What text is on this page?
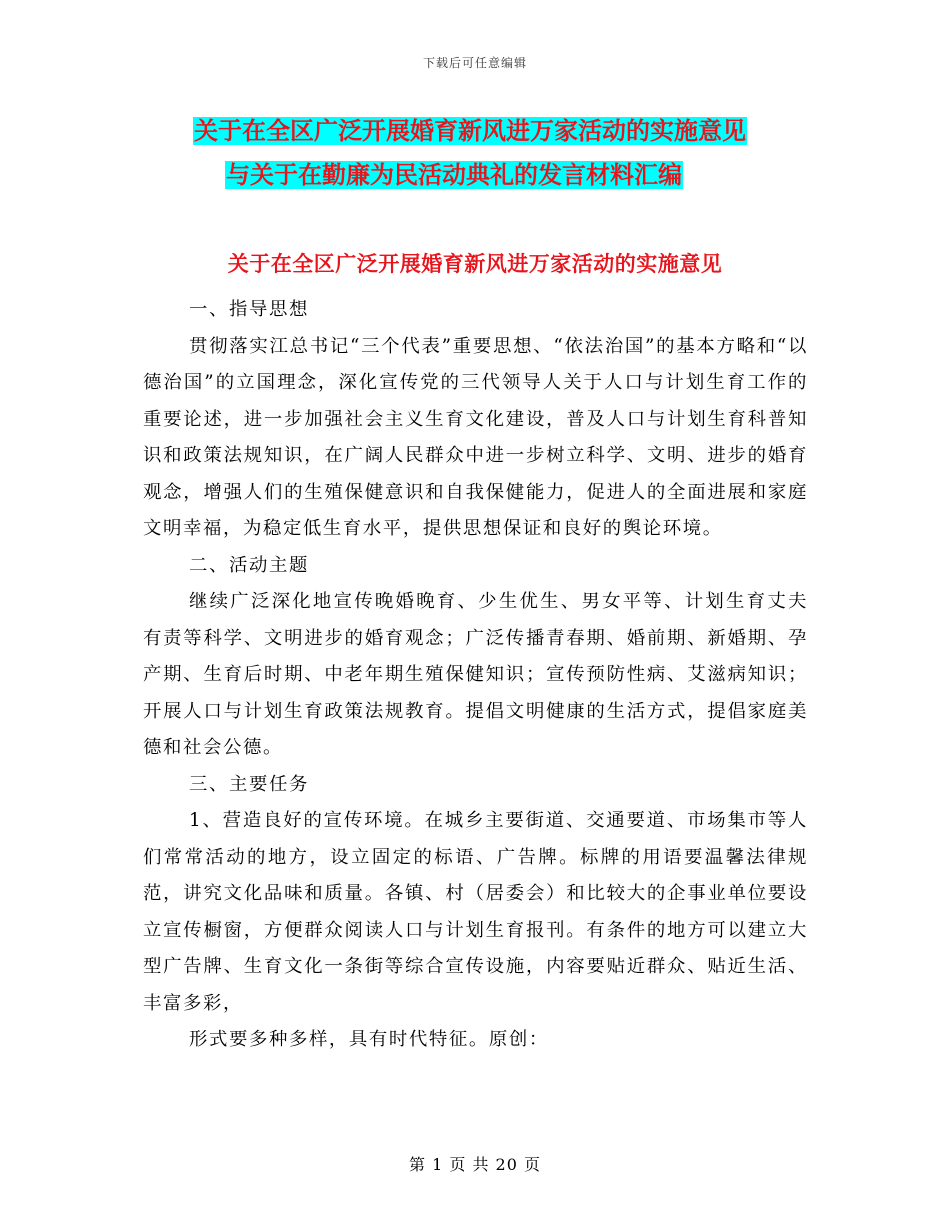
下载后可任意编辑
关于在全区广泛开展婚育新风进万家活动的实施意见
与关于在勤廉为民活动典礼的发言材料汇编
关于在全区广泛开展婚育新风进万家活动的实施意见

一、指导思想

贯彻落实江总书记“三个代表”重要思想、“依法治国”的基本方略和“以德治国”的立国理念，深化宣传党的三代领导人关于人口与计划生育工作的重要论述，进一步加强社会主义生育文化建设，普及人口与计划生育科普知识和政策法规知识，在广阔人民群众中进一步树立科学、文明、进步的婚育观念，增强人们的生殖保健意识和自我保健能力，促进人的全面进展和家庭文明幸福，为稳定低生育水平，提供思想保证和良好的舆论环境。

二、活动主题

继续广泛深化地宣传晚婚晚育、少生优生、男女平等、计划生育丈夫有责等科学、文明进步的婚育观念；广泛传播青春期、婚前期、新婚期、孕产期、生育后时期、中老年期生殖保健知识；宣传预防性病、艾滋病知识；开展人口与计划生育政策法规教育。提倡文明健康的生活方式，提倡家庭美德和社会公德。

三、主要任务

1、营造良好的宣传环境。在城乡主要街道、交通要道、市场集市等人们常常活动的地方，设立固定的标语、广告牌。标牌的用语要温馨法律规范，讲究文化品味和质量。各镇、村（居委会）和比较大的企事业单位要设立宣传橱窗，方便群众阅读人口与计划生育报刊。有条件的地方可以建立大型广告牌、生育文化一条街等综合宣传设施，内容要贴近群众、贴近生活、丰富多彩，

形式要多种多样，具有时代特征。原创：

第 1 页 共 20 页
